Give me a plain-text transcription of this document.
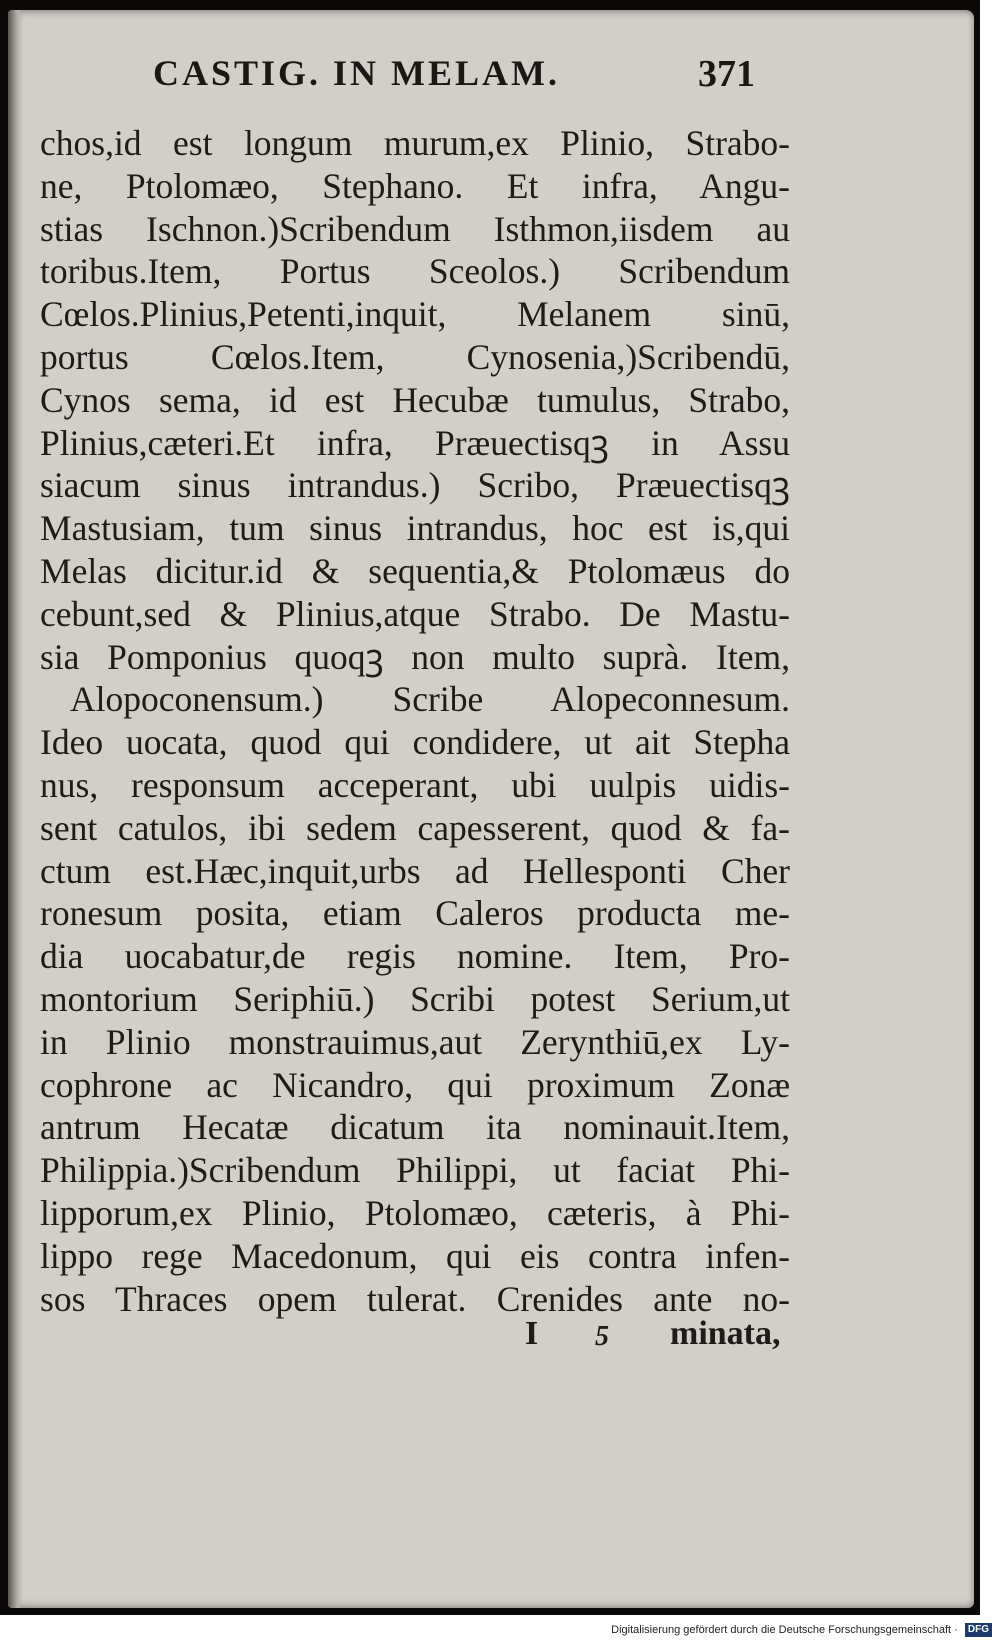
CASTIG. IN MELAM.	371
chos,id est longum murum,ex Plinio, Strabo-
ne, Ptolomæo, Stephano. Et infra, Angu-
stias Ischnon.)Scribendum Isthmon,iisdem au
toribus.Item, Portus Sceolos.) Scribendum
Cœlos.Plinius,Petenti,inquit, Melanem sinū,
portus Cœlos.Item, Cynosenia,)Scribendū,
Cynos sema, id est Hecubæ tumulus, Strabo,
Plinius,cæteri.Et infra, Præuectisqꝫ in Assu
siacum sinus intrandus.) Scribo, Præuectisqꝫ
Mastusiam, tum sinus intrandus, hoc est is,qui
Melas dicitur.id & sequentia,& Ptolomæus do
cebunt,sed & Plinius,atque Strabo. De Mastu-
sia Pomponius quoqꝫ non multo suprà. Item,
Alopoconensum.) Scribe Alopeconnesum.
Ideo uocata, quod qui condidere, ut ait Stepha
nus, responsum acceperant, ubi uulpis uidis-
sent catulos, ibi sedem capesserent, quod & fa-
ctum est.Hæc,inquit,urbs ad Hellesponti Cher
ronesum posita, etiam Caleros producta me-
dia uocabatur,de regis nomine. Item, Pro-
montorium Seriphiū.) Scribi potest Serium,ut
in Plinio monstrauimus,aut Zerynthiū,ex Ly-
cophrone ac Nicandro, qui proximum Zonæ
antrum Hecatæ dicatum ita nominauit.Item,
Philippia.)Scribendum Philippi, ut faciat Phi-
lipporum,ex Plinio, Ptolomæo, cæteris, à Phi-
lippo rege Macedonum, qui eis contra infen-
sos Thraces opem tulerat. Crenides ante no-
I 5 minata,
Digitalisierung gefördert durch die Deutsche Forschungsgemeinschaft · DFG
